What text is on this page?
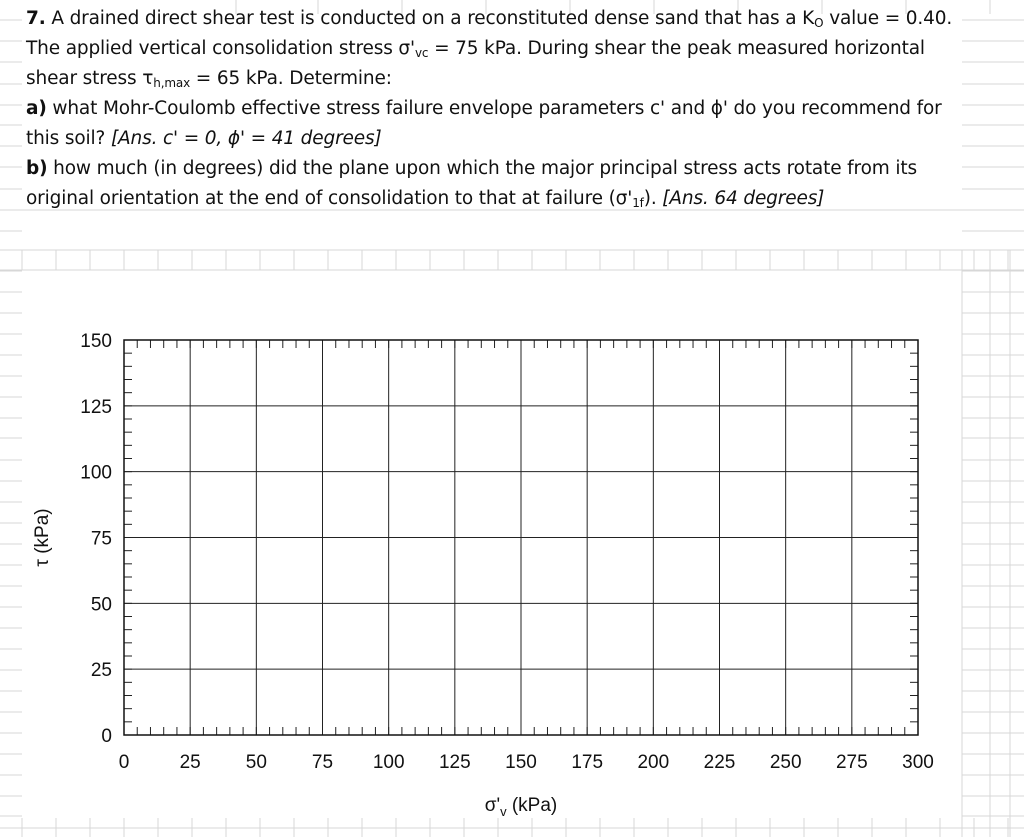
7. A drained direct shear test is conducted on a reconstituted dense sand that has a $K_O$ value = 0.40.
The applied vertical consolidation stress $\sigma'_{vc} = 75$ kPa. During shear the peak measured horizontal
shear stress $\tau_{h,max} = 65$ kPa. Determine:
a) what Mohr-Coulomb effective stress failure envelope parameters c' and ϕ' do you recommend for
this soil? [Ans. c' = 0, ϕ' = 41 degrees]
b) how much (in degrees) did the plane upon which the major principal stress acts rotate from its
original orientation at the end of consolidation to that at failure $(\sigma'_{1f})$. [Ans. 64 degrees]
0	25 50 75 100 125 150 175 200 225 250 275 300
0
25
50
75
100
125
150
$\sigma'_v$ (kPa)
τ (kPa)
